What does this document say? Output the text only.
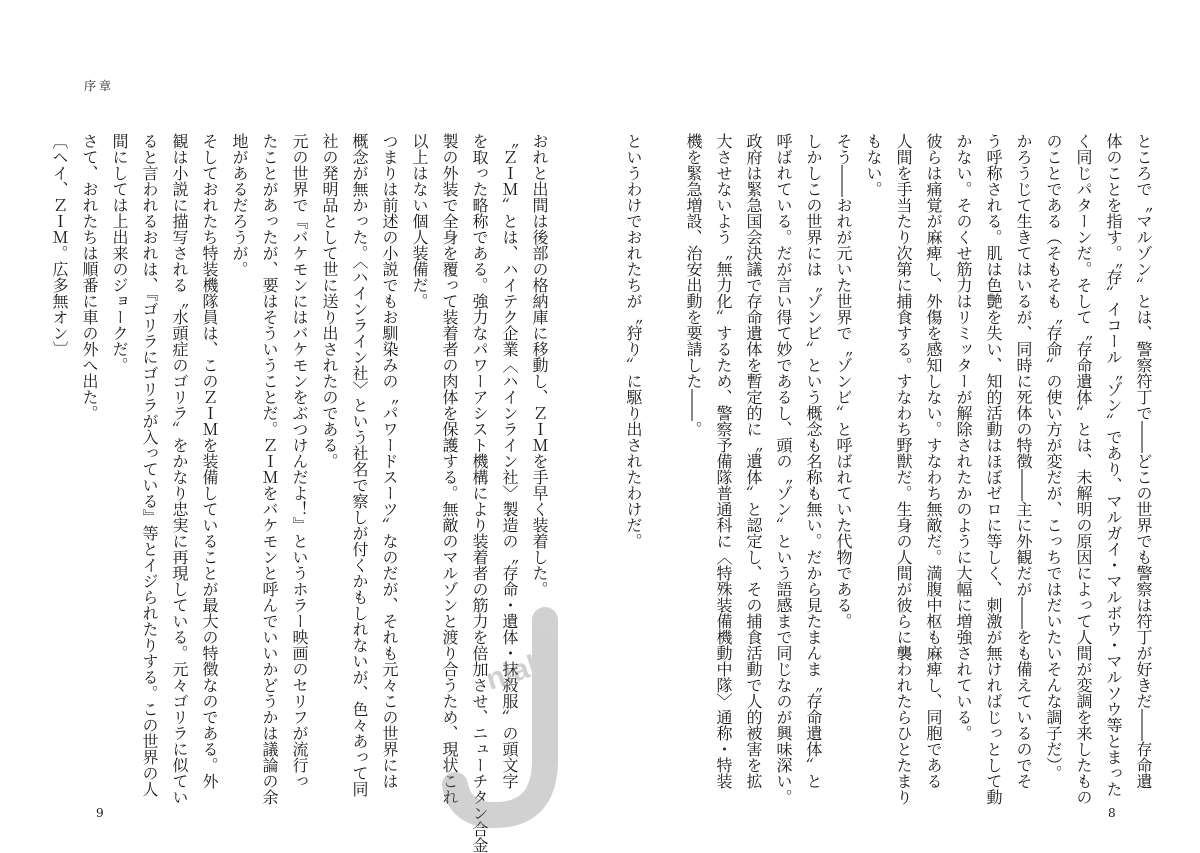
序章
おれと出間は後部の格納庫に移動し、ＺＩＭを手早く装着した。
〝ＺＩＭ〟とは、ハイテク企業〈ハインライン社〉製造の〝存命・遺体・抹殺服〟の頭文字
を取った略称である。強力なパワーアシスト機構により装着者の筋力を倍加させ、ニューチタン合金
製の外装で全身を覆って装着者の肉体を保護する。無敵のマルゾンと渡り合うため、現状これ
以上はない個人装備だ。
つまりは前述の小説でもお馴染みの〝パワードスーツ〟なのだが、それも元々この世界には
概念が無かった。〈ハインライン社〉という社名で察しが付くかもしれないが、色々あって同
社の発明品として世に送り出されたのである。
元の世界で『バケモンにはバケモンをぶつけんだよ！』というホラー映画のセリフが流行っ
たことがあったが、要はそういうことだ。ＺＩＭをバケモンと呼んでいいかどうかは議論の余
地があるだろうが。
そしておれたち特装機隊員は、このＺＩＭを装備していることが最大の特徴なのである。外
観は小説に描写される〝水頭症のゴリラ〟をかなり忠実に再現している。元々ゴリラに似てい
ると言われるおれは、『ゴリラにゴリラが入っている』等とイジられたりする。この世界の人
間にしては上出来のジョークだ。
さて、おれたちは順番に車の外へ出た。
〔ヘイ、ＺＩＭ。広多無オン〕
9
ところで〝マルゾン〟とは、警察符丁で――どこの世界でも警察は符丁が好きだ――存命遺
体のことを指す。〝存〟イコール〝ゾン〟であり、マルガイ・マルボウ・マルソウ等とまった
く同じパターンだ。そして〝存命遺体〟とは、未解明の原因によって人間が変調を来したもの
のことである（そもそも〝存命〟の使い方が変だが、こっちではだいたいそんな調子だ）。
かろうじて生きてはいるが、同時に死体の特徴――主に外観だが――をも備えているのでそ
う呼称される。肌は色艶を失い、知的活動はほぼゼロに等しく、刺激が無ければじっとして動
かない。そのくせ筋力はリミッターが解除されたかのように大幅に増強されている。
彼らは痛覚が麻痺し、外傷を感知しない。すなわち無敵だ。満腹中枢も麻痺し、同胞である
人間を手当たり次第に捕食する。すなわち野獣だ。生身の人間が彼らに襲われたらひとたまり
もない。
そう――おれが元いた世界で〝ゾンビ〟と呼ばれていた代物である。
しかしこの世界には〝ゾンビ〟という概念も名称も無い。だから見たまんま〝存命遺体〟と
呼ばれている。だが言い得て妙であるし、頭の〝ゾン〟という語感まで同じなのが興味深い。
政府は緊急国会決議で存命遺体を暫定的に〝遺体〟と認定し、その捕食活動で人的被害を拡
大させないよう〝無力化〟するため、警察予備隊普通科に〈特殊装備機動中隊〉通称・特装
機を緊急増設、治安出動を要請した――。

というわけでおれたちが〝狩り〟に駆り出されたわけだ。
8
nlab
